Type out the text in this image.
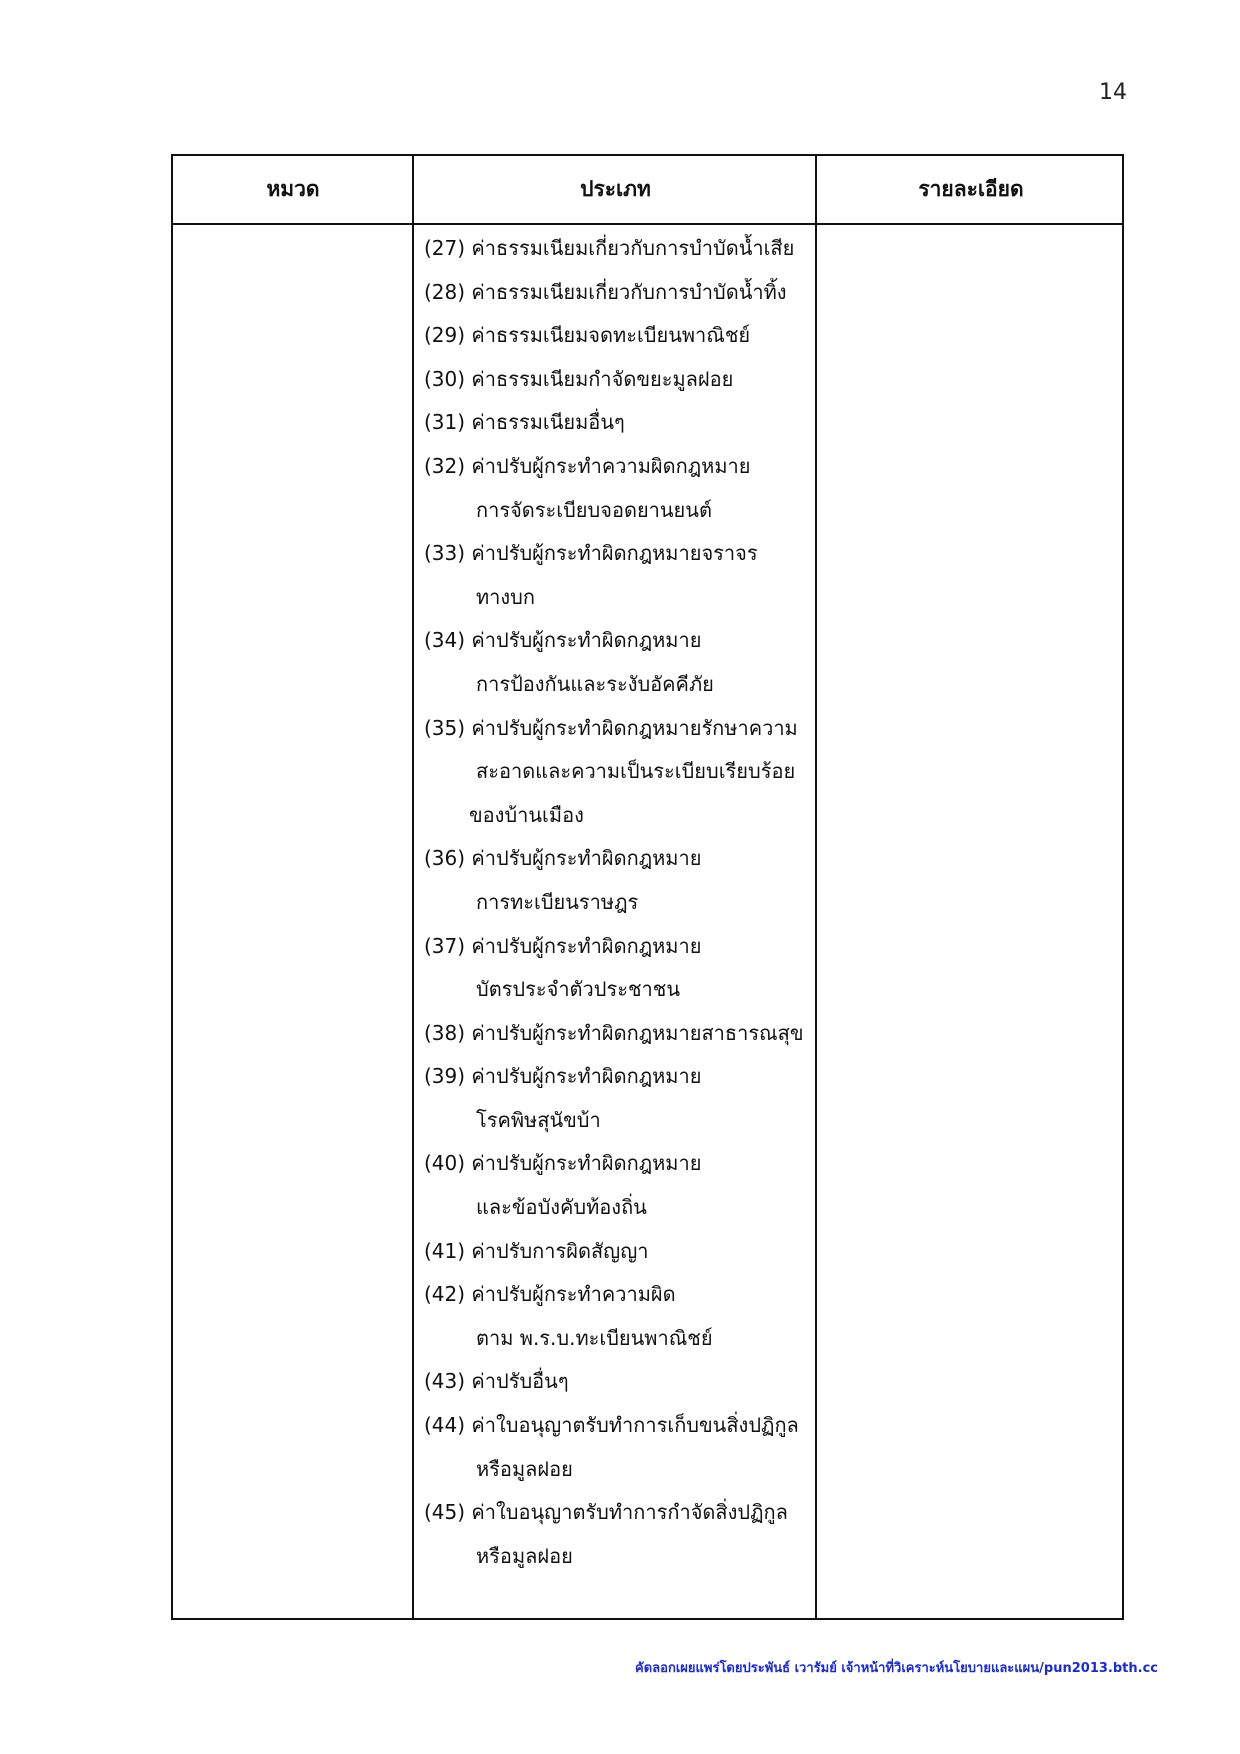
14
หมวด	ประเภท	รายละเอียด
(27) ค่าธรรมเนียมเกี่ยวกับการบำบัดน้ำเสีย
(28) ค่าธรรมเนียมเกี่ยวกับการบำบัดน้ำทิ้ง
(29) ค่าธรรมเนียมจดทะเบียนพาณิชย์
(30) ค่าธรรมเนียมกำจัดขยะมูลฝอย
(31) ค่าธรรมเนียมอื่นๆ
(32) ค่าปรับผู้กระทำความผิดกฎหมาย
การจัดระเบียบจอดยานยนต์
(33) ค่าปรับผู้กระทำผิดกฎหมายจราจร
ทางบก
(34) ค่าปรับผู้กระทำผิดกฎหมาย
การป้องกันและระงับอัคคีภัย
(35) ค่าปรับผู้กระทำผิดกฎหมายรักษาความ
สะอาดและความเป็นระเบียบเรียบร้อย
ของบ้านเมือง
(36) ค่าปรับผู้กระทำผิดกฎหมาย
การทะเบียนราษฎร
(37) ค่าปรับผู้กระทำผิดกฎหมาย
บัตรประจำตัวประชาชน
(38) ค่าปรับผู้กระทำผิดกฎหมายสาธารณสุข
(39) ค่าปรับผู้กระทำผิดกฎหมาย
โรคพิษสุนัขบ้า
(40) ค่าปรับผู้กระทำผิดกฎหมาย
และข้อบังคับท้องถิ่น
(41) ค่าปรับการผิดสัญญา
(42) ค่าปรับผู้กระทำความผิด
ตาม พ.ร.บ.ทะเบียนพาณิชย์
(43) ค่าปรับอื่นๆ
(44) ค่าใบอนุญาตรับทำการเก็บขนสิ่งปฏิกูล
หรือมูลฝอย
(45) ค่าใบอนุญาตรับทำการกำจัดสิ่งปฏิกูล
หรือมูลฝอย
คัดลอกเผยแพร่โดยประพันธ์ เวารัมย์ เจ้าหน้าที่วิเคราะห์นโยบายและแผน/pun2013.bth.cc
